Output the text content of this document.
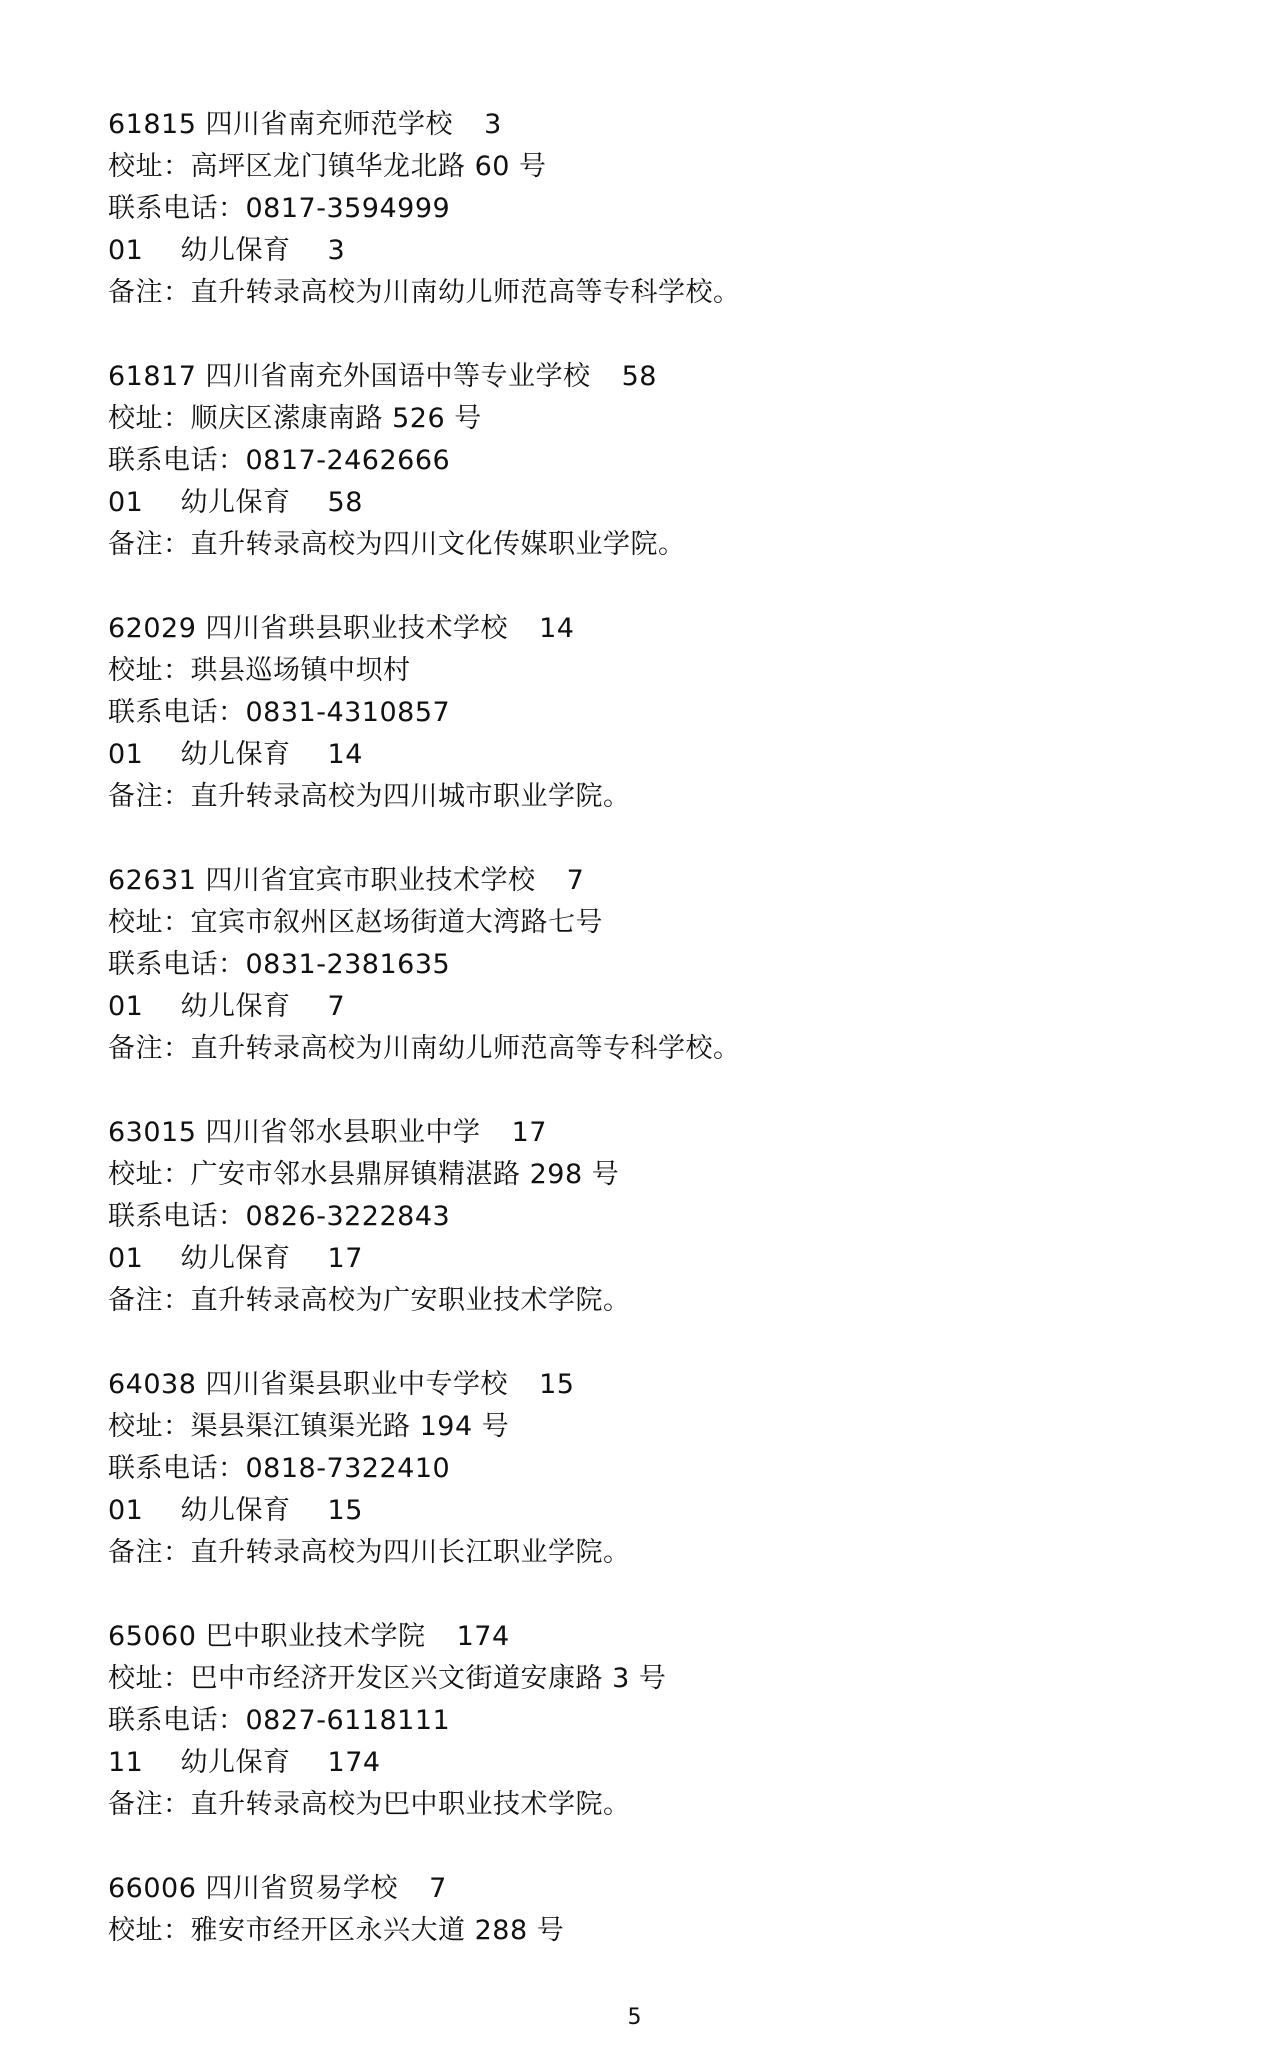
61815 四川省南充师范学校 3
校址：高坪区龙门镇华龙北路 60 号
联系电话：0817-3594999
01 幼儿保育 3
备注：直升转录高校为川南幼儿师范高等专科学校。
61817 四川省南充外国语中等专业学校 58
校址：顺庆区潆康南路 526 号
联系电话：0817-2462666
01 幼儿保育 58
备注：直升转录高校为四川文化传媒职业学院。
62029 四川省珙县职业技术学校 14
校址：珙县巡场镇中坝村
联系电话：0831-4310857
01 幼儿保育 14
备注：直升转录高校为四川城市职业学院。
62631 四川省宜宾市职业技术学校 7
校址：宜宾市叙州区赵场街道大湾路七号
联系电话：0831-2381635
01 幼儿保育 7
备注：直升转录高校为川南幼儿师范高等专科学校。
63015 四川省邻水县职业中学 17
校址：广安市邻水县鼎屏镇精湛路 298 号
联系电话：0826-3222843
01 幼儿保育 17
备注：直升转录高校为广安职业技术学院。
64038 四川省渠县职业中专学校 15
校址：渠县渠江镇渠光路 194 号
联系电话：0818-7322410
01 幼儿保育 15
备注：直升转录高校为四川长江职业学院。
65060 巴中职业技术学院 174
校址：巴中市经济开发区兴文街道安康路 3 号
联系电话：0827-6118111
11 幼儿保育 174
备注：直升转录高校为巴中职业技术学院。
66006 四川省贸易学校 7
校址：雅安市经开区永兴大道 288 号
5
